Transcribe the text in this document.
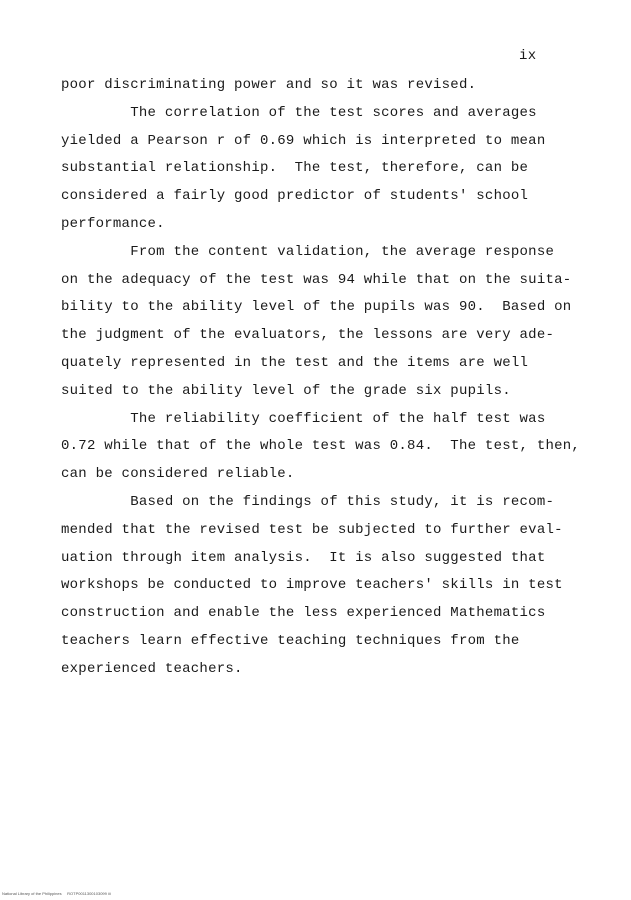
ix
poor discriminating power and so it was revised.
The correlation of the test scores and averages
yielded a Pearson r of 0.69 which is interpreted to mean
substantial relationship.  The test, therefore, can be
considered a fairly good predictor of students' school
performance.
From the content validation, the average response
on the adequacy of the test was 94 while that on the suita-
bility to the ability level of the pupils was 90.  Based on
the judgment of the evaluators, the lessons are very ade-
quately represented in the test and the items are well
suited to the ability level of the grade six pupils.
The reliability coefficient of the half test was
0.72 while that of the whole test was 0.84.  The test, then,
can be considered reliable.
Based on the findings of this study, it is recom-
mended that the revised test be subjected to further eval-
uation through item analysis.  It is also suggested that
workshops be conducted to improve teachers' skills in test
construction and enable the less experienced Mathematics
teachers learn effective teaching techniques from the
experienced teachers.
National Library of the Philippines     ROTP0011300103099 iii
